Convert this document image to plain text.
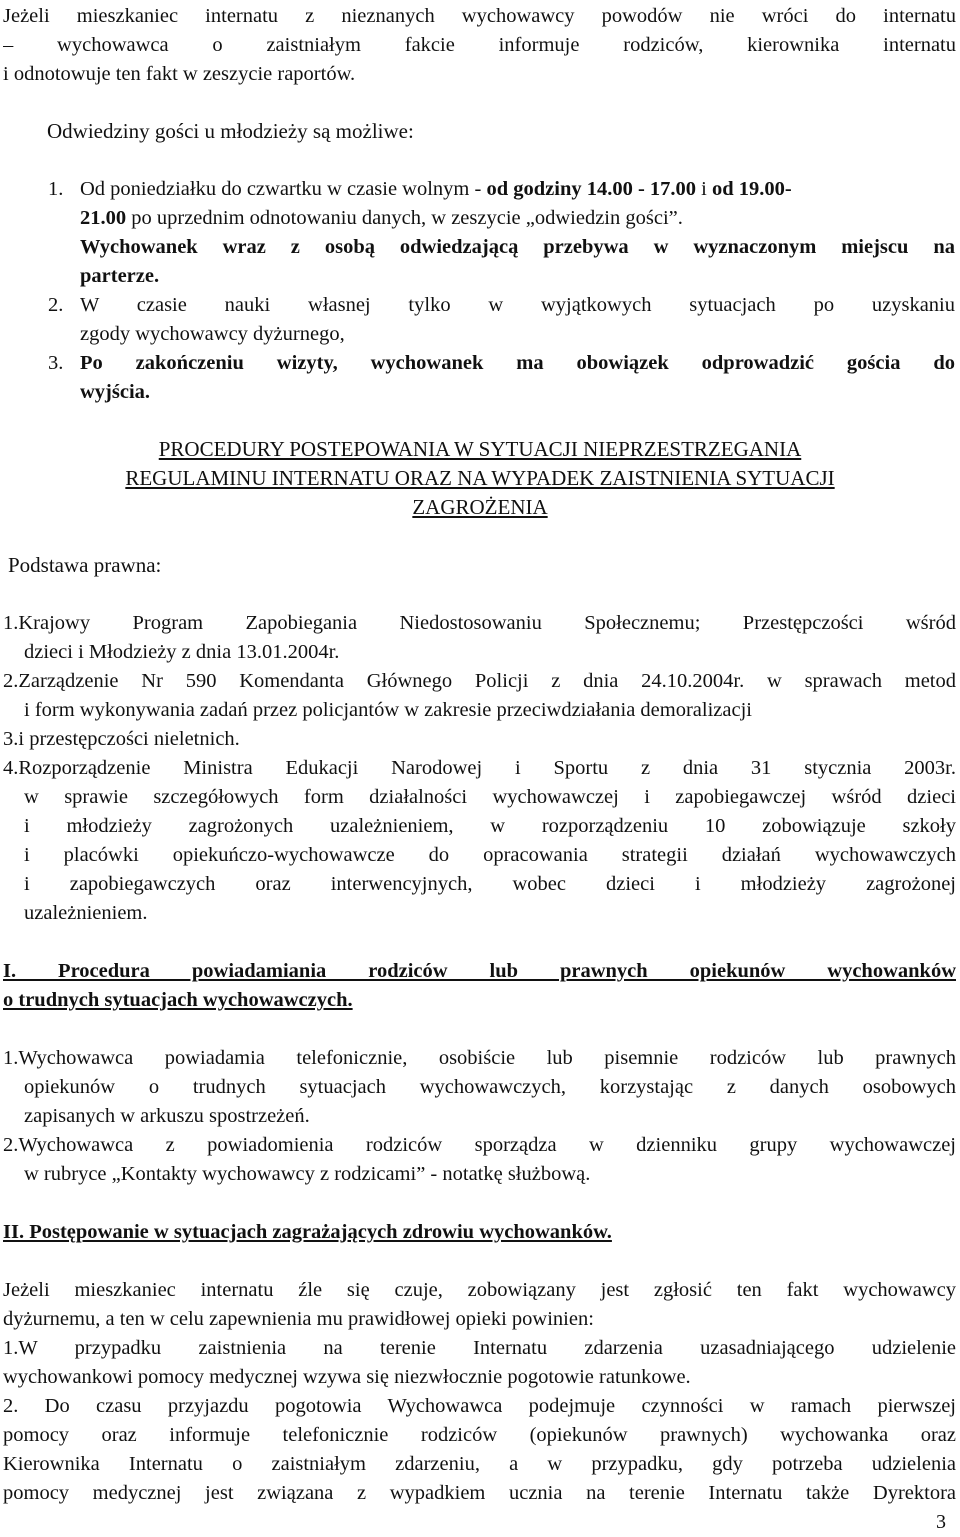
Jeżeli mieszkaniec internatu z nieznanych wychowawcy powodów nie wróci do internatu
– wychowawca o zaistniałym fakcie informuje rodziców, kierownika internatu
i odnotowuje ten fakt w zeszycie raportów.
Odwiedziny gości u młodzieży są możliwe:
1. Od poniedziałku do czwartku w czasie wolnym - od godziny 14.00 - 17.00 i od 19.00-
21.00 po uprzednim odnotowaniu danych, w zeszycie „odwiedzin gości”.
Wychowanek wraz z osobą odwiedzającą przebywa w wyznaczonym miejscu na
parterze.
2. W czasie nauki własnej tylko w wyjątkowych sytuacjach po uzyskaniu
zgody wychowawcy dyżurnego,
3. Po zakończeniu wizyty, wychowanek ma obowiązek odprowadzić gościa do
wyjścia.
PROCEDURY POSTEPOWANIA W SYTUACJI NIEPRZESTRZEGANIA
REGULAMINU INTERNATU ORAZ NA WYPADEK ZAISTNIENIA SYTUACJI
ZAGROŻENIA
Podstawa prawna:
1.Krajowy Program Zapobiegania Niedostosowaniu Społecznemu; Przestępczości wśród
dzieci i Młodzieży z dnia 13.01.2004r.
2.Zarządzenie Nr 590 Komendanta Głównego Policji z dnia 24.10.2004r. w sprawach metod
i form wykonywania zadań przez policjantów w zakresie przeciwdziałania demoralizacji
3.i przestępczości nieletnich.
4.Rozporządzenie Ministra Edukacji Narodowej i Sportu z dnia 31 stycznia 2003r.
w sprawie szczegółowych form działalności wychowawczej i zapobiegawczej wśród dzieci
i młodzieży zagrożonych uzależnieniem, w rozporządzeniu 10 zobowiązuje szkoły
i placówki opiekuńczo-wychowawcze do opracowania strategii działań wychowawczych
i zapobiegawczych oraz interwencyjnych, wobec dzieci i młodzieży zagrożonej
uzależnieniem.
I. Procedura powiadamiania rodziców lub prawnych opiekunów wychowanków
o trudnych sytuacjach wychowawczych.
1.Wychowawca powiadamia telefonicznie, osobiście lub pisemnie rodziców lub prawnych
opiekunów o trudnych sytuacjach wychowawczych, korzystając z danych osobowych
zapisanych w arkuszu spostrzeżeń.
2.Wychowawca z powiadomienia rodziców sporządza w dzienniku grupy wychowawczej
w rubryce „Kontakty wychowawcy z rodzicami” - notatkę służbową.
II. Postępowanie w sytuacjach zagrażających zdrowiu wychowanków.
Jeżeli mieszkaniec internatu źle się czuje, zobowiązany jest zgłosić ten fakt wychowawcy
dyżurnemu, a ten w celu zapewnienia mu prawidłowej opieki powinien:
1.W przypadku zaistnienia na terenie Internatu zdarzenia uzasadniającego udzielenie
wychowankowi pomocy medycznej wzywa się niezwłocznie pogotowie ratunkowe.
2. Do czasu przyjazdu pogotowia Wychowawca podejmuje czynności w ramach pierwszej
pomocy oraz informuje telefonicznie rodziców (opiekunów prawnych) wychowanka oraz
Kierownika Internatu o zaistniałym zdarzeniu, a w przypadku, gdy potrzeba udzielenia
pomocy medycznej jest związana z wypadkiem ucznia na terenie Internatu także Dyrektora
3
